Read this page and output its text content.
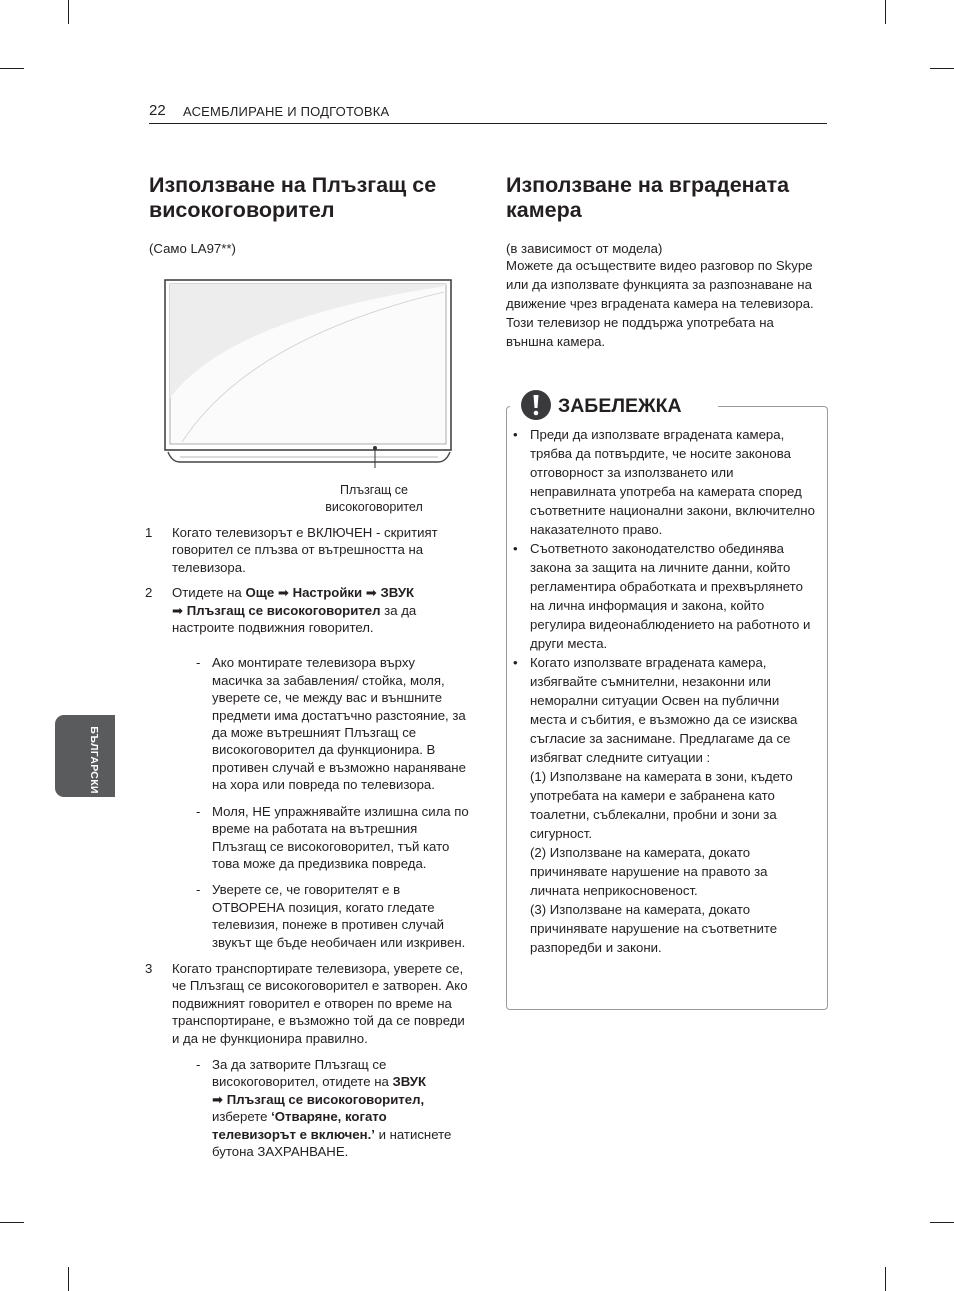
22 АСЕМБЛИРАНЕ И ПОДГОТОВКА
БЪЛГАРСКИ
Използване на Плъзгащ се високоговорител
(Само LA97**)
Плъзгащ се високоговорител
1 Когато телевизорът е ВКЛЮЧЕН - скритият говорител се плъзва от вътрешността на телевизора.
2 Отидете на Още ➡ Настройки ➡ ЗВУК
➡ Плъзгащ се високоговорител за да настроите подвижния говорител.
- Ако монтирате телевизора върху масичка за забавления/ стойка, моля, уверете се, че между вас и външните предмети има достатъчно разстояние, за да може вътрешният Плъзгащ се високоговорител да функционира. В противен случай е възможно нараняване на хора или повреда по телевизора.
- Моля, НЕ упражнявайте излишна сила по време на работата на вътрешния Плъзгащ се високоговорител, тъй като това може да предизвика повреда.
- Уверете се, че говорителят е в ОТВОРЕНА позиция, когато гледате телевизия, понеже в противен случай звукът ще бъде необичаен или изкривен.
3 Когато транспортирате телевизора, уверете се, че Плъзгащ се високоговорител е затворен. Ако подвижният говорител е отворен по време на транспортиране, е възможно той да се повреди и да не функционира правилно.
- За да затворите Плъзгащ се високоговорител, отидете на ЗВУК
➡ Плъзгащ се високоговорител,
изберете ‘Отваряне, когато телевизорът е включен.’ и натиснете бутона ЗАХРАНВАНЕ.
Използване на вградената камера
(в зависимост от модела)
Можете да осъществите видео разговор по Skype или да използвате функцията за разпознаване на движение чрез вградената камера на телевизора. Този телевизор не поддържа употребата на външна камера.
ЗАБЕЛЕЖКА
• Преди да използвате вградената камера, трябва да потвърдите, че носите законова отговорност за използването или неправилната употреба на камерата според съответните национални закони, включително наказателното право.
• Съответното законодателство обединява закона за защита на личните данни, който регламентира обработката и прехвърлянето на лична информация и закона, който регулира видеонаблюдението на работното и други места.
• Когато използвате вградената камера, избягвайте съмнителни, незаконни или неморални ситуации Освен на публични места и събития, е възможно да се изисква съгласие за заснимане. Предлагаме да се избягват следните ситуации :
(1) Използване на камерата в зони, където употребата на камери е забранена като тоалетни, съблекални, пробни и зони за сигурност.
(2) Използване на камерата, докато причинявате нарушение на правото за личната неприкосновеност.
(3) Използване на камерата, докато причинявате нарушение на съответните разпоредби и закони.
